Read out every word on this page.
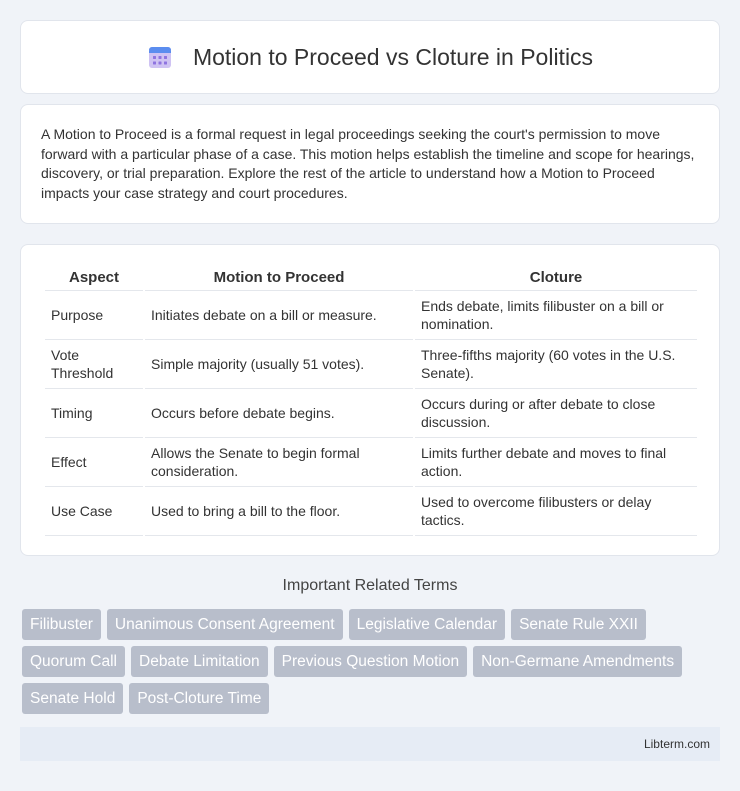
Motion to Proceed vs Cloture in Politics

A Motion to Proceed is a formal request in legal proceedings seeking the court's permission to move forward with a particular phase of a case. This motion helps establish the timeline and scope for hearings, discovery, or trial preparation. Explore the rest of the article to understand how a Motion to Proceed impacts your case strategy and court procedures.

Aspect	Motion to Proceed	Cloture
Purpose	Initiates debate on a bill or measure.	Ends debate, limits filibuster on a bill or nomination.
Vote Threshold	Simple majority (usually 51 votes).	Three-fifths majority (60 votes in the U.S. Senate).
Timing	Occurs before debate begins.	Occurs during or after debate to close discussion.
Effect	Allows the Senate to begin formal consideration.	Limits further debate and moves to final action.
Use Case	Used to bring a bill to the floor.	Used to overcome filibusters or delay tactics.
Important Related Terms
Filibuster	Unanimous Consent Agreement	Legislative Calendar	Senate Rule XXII
Quorum Call	Debate Limitation	Previous Question Motion	Non-Germane Amendments
Senate Hold	Post-Cloture Time
Libterm.com
